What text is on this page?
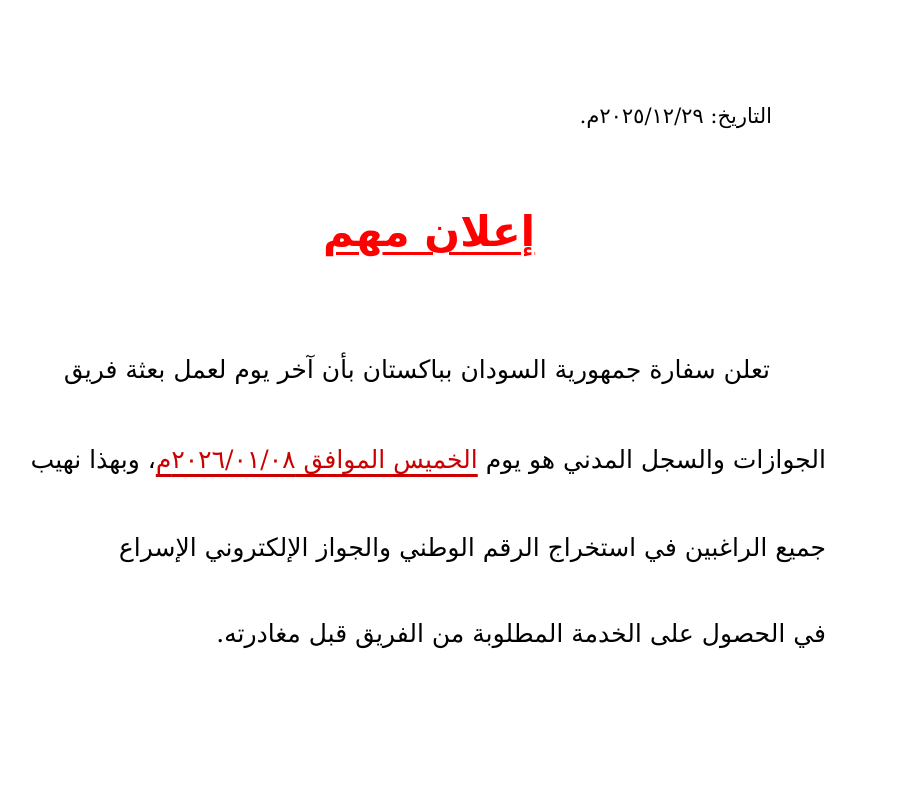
التاريخ: ٢٠٢٥/١٢/٢٩م.
إعلان مهم
تعلن سفارة جمهورية السودان بباكستان بأن آخر يوم لعمل بعثة فريق
الجوازات والسجل المدني هو يوم الخميس الموافق ٢٠٢٦/٠١/٠٨م، وبهذا نهيب
جميع الراغبين في استخراج الرقم الوطني والجواز الإلكتروني الإسراع
في الحصول على الخدمة المطلوبة من الفريق قبل مغادرته.
